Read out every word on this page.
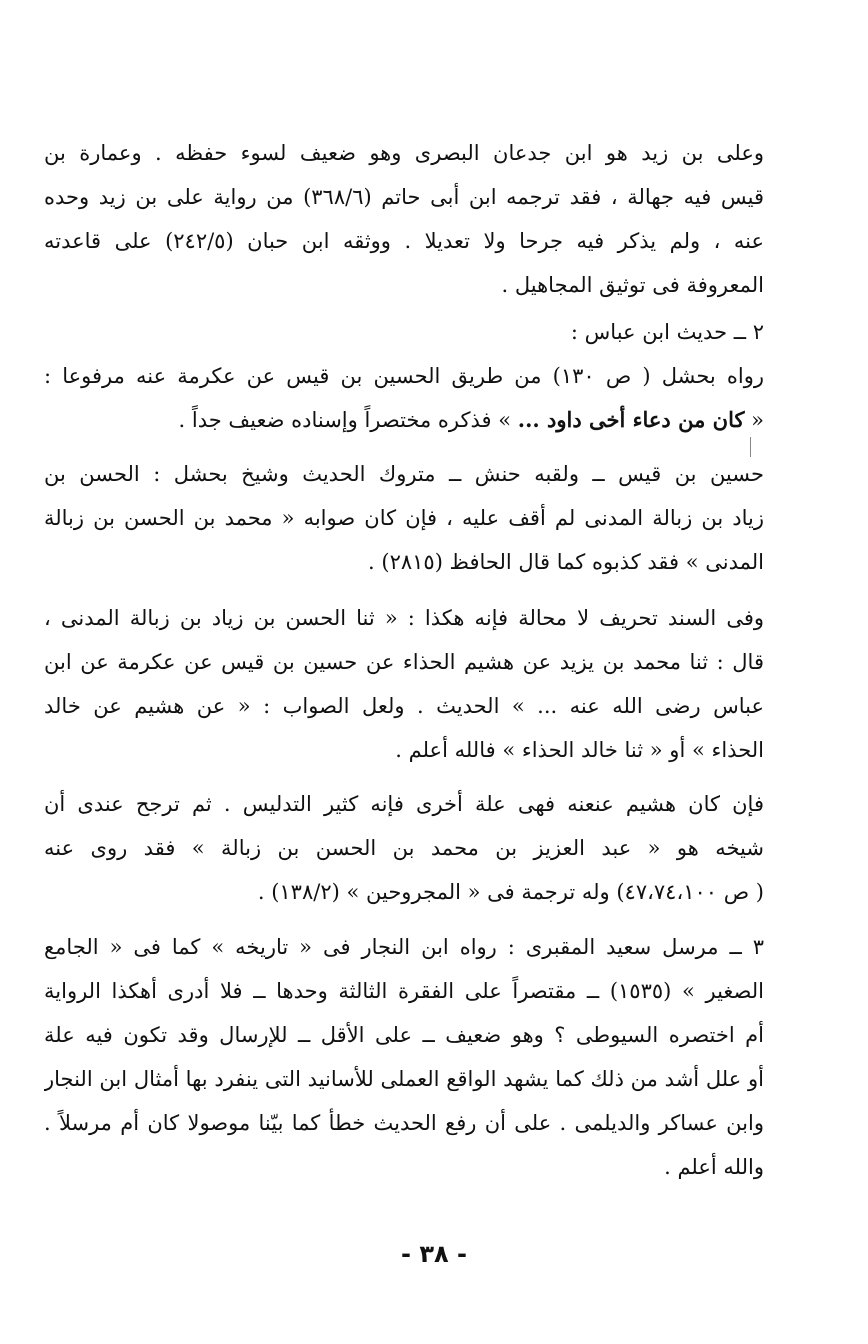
وعلى بن زيد هو ابن جدعان البصرى وهو ضعيف لسوء حفظه . وعمارة بن
قيس فيه جهالة ، فقد ترجمه ابن أبى حاتم (٣٦٨/٦) من رواية على بن زيد وحده
عنه ، ولم يذكر فيه جرحا ولا تعديلا . ووثقه ابن حبان (٢٤٢/٥) على قاعدته
المعروفة فى توثيق المجاهيل .
٢ ــ حديث ابن عباس :
رواه بحشل ( ص ١٣٠) من طريق الحسين بن قيس عن عكرمة عنه مرفوعا :
« كان من دعاء أخى داود ... » فذكره مختصراً وإسناده ضعيف جداً .
حسين بن قيس ــ ولقبه حنش ــ متروك الحديث وشيخ بحشل : الحسن بن
زياد بن زبالة المدنى لم أقف عليه ، فإن كان صوابه « محمد بن الحسن بن زبالة
المدنى » فقد كذبوه كما قال الحافظ (٢٨١٥) .
وفى السند تحريف لا محالة فإنه هكذا : « ثنا الحسن بن زياد بن زبالة المدنى ،
قال : ثنا محمد بن يزيد عن هشيم الحذاء عن حسين بن قيس عن عكرمة عن ابن
عباس رضى الله عنه ... » الحديث . ولعل الصواب : « عن هشيم عن خالد
الحذاء » أو « ثنا خالد الحذاء » فالله أعلم .
فإن كان هشيم عنعنه فهى علة أخرى فإنه كثير التدليس . ثم ترجح عندى أن
شيخه هو « عبد العزيز بن محمد بن الحسن بن زبالة » فقد روى عنه
( ص ٤٧،٧٤،١٠٠) وله ترجمة فى « المجروحين » (١٣٨/٢) .
٣ ــ مرسل سعيد المقبرى : رواه ابن النجار فى « تاريخه » كما فى « الجامع
الصغير » (١٥٣٥) ــ مقتصراً على الفقرة الثالثة وحدها ــ فلا أدرى أهكذا الرواية
أم اختصره السيوطى ؟ وهو ضعيف ــ على الأقل ــ للإرسال وقد تكون فيه علة
أو علل أشد من ذلك كما يشهد الواقع العملى للأسانيد التى ينفرد بها أمثال ابن النجار
وابن عساكر والديلمى . على أن رفع الحديث خطأ كما بيّنا موصولا كان أم مرسلاً .
والله أعلم .
- ٣٨ -
